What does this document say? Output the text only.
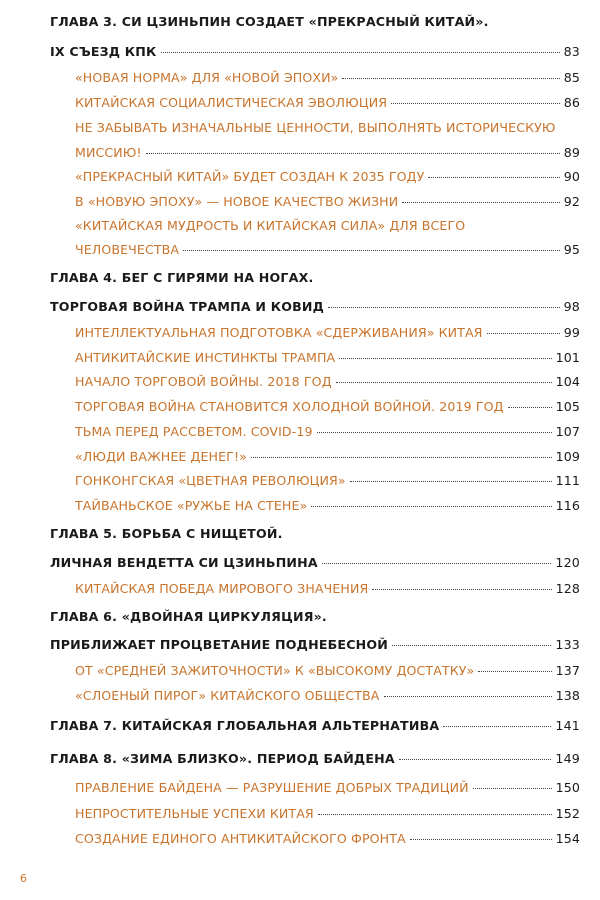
ГЛАВА 3. СИ ЦЗИНЬПИН СОЗДАЕТ «ПРЕКРАСНЫЙ КИТАЙ».
IX СЪЕЗД КПК	83
«НОВАЯ НОРМА» ДЛЯ «НОВОЙ ЭПОХИ»	85
КИТАЙСКАЯ СОЦИАЛИСТИЧЕСКАЯ ЭВОЛЮЦИЯ	86
НЕ ЗАБЫВАТЬ ИЗНАЧАЛЬНЫЕ ЦЕННОСТИ, ВЫПОЛНЯТЬ ИСТОРИЧЕСКУЮ
МИССИЮ!	89
«ПРЕКРАСНЫЙ КИТАЙ» БУДЕТ СОЗДАН К 2035 ГОДУ	90
В «НОВУЮ ЭПОХУ» — НОВОЕ КАЧЕСТВО ЖИЗНИ	92
«КИТАЙСКАЯ МУДРОСТЬ И КИТАЙСКАЯ СИЛА» ДЛЯ ВСЕГО
ЧЕЛОВЕЧЕСТВА	95
ГЛАВА 4. БЕГ С ГИРЯМИ НА НОГАХ.
ТОРГОВАЯ ВОЙНА ТРАМПА И КОВИД	98
ИНТЕЛЛЕКТУАЛЬНАЯ ПОДГОТОВКА «СДЕРЖИВАНИЯ» КИТАЯ	99
АНТИКИТАЙСКИЕ ИНСТИНКТЫ ТРАМПА	101
НАЧАЛО ТОРГОВОЙ ВОЙНЫ. 2018 ГОД	104
ТОРГОВАЯ ВОЙНА СТАНОВИТСЯ ХОЛОДНОЙ ВОЙНОЙ. 2019 ГОД	105
ТЬМА ПЕРЕД РАССВЕТОМ. COVID-19	107
«ЛЮДИ ВАЖНЕЕ ДЕНЕГ!»	109
ГОНКОНГСКАЯ «ЦВЕТНАЯ РЕВОЛЮЦИЯ»	111
ТАЙВАНЬСКОЕ «РУЖЬЕ НА СТЕНЕ»	116
ГЛАВА 5. БОРЬБА С НИЩЕТОЙ.
ЛИЧНАЯ ВЕНДЕТТА СИ ЦЗИНЬПИНА	120
КИТАЙСКАЯ ПОБЕДА МИРОВОГО ЗНАЧЕНИЯ	128
ГЛАВА 6. «ДВОЙНАЯ ЦИРКУЛЯЦИЯ».
ПРИБЛИЖАЕТ ПРОЦВЕТАНИЕ ПОДНЕБЕСНОЙ	133
ОТ «СРЕДНЕЙ ЗАЖИТОЧНОСТИ» К «ВЫСОКОМУ ДОСТАТКУ»	137
«СЛОЕНЫЙ ПИРОГ» КИТАЙСКОГО ОБЩЕСТВА	138
ГЛАВА 7. КИТАЙСКАЯ ГЛОБАЛЬНАЯ АЛЬТЕРНАТИВА	141
ГЛАВА 8. «ЗИМА БЛИЗКО». ПЕРИОД БАЙДЕНА	149
ПРАВЛЕНИЕ БАЙДЕНА — РАЗРУШЕНИЕ ДОБРЫХ ТРАДИЦИЙ	150
НЕПРОСТИТЕЛЬНЫЕ УСПЕХИ КИТАЯ	152
СОЗДАНИЕ ЕДИНОГО АНТИКИТАЙСКОГО ФРОНТА	154
6
